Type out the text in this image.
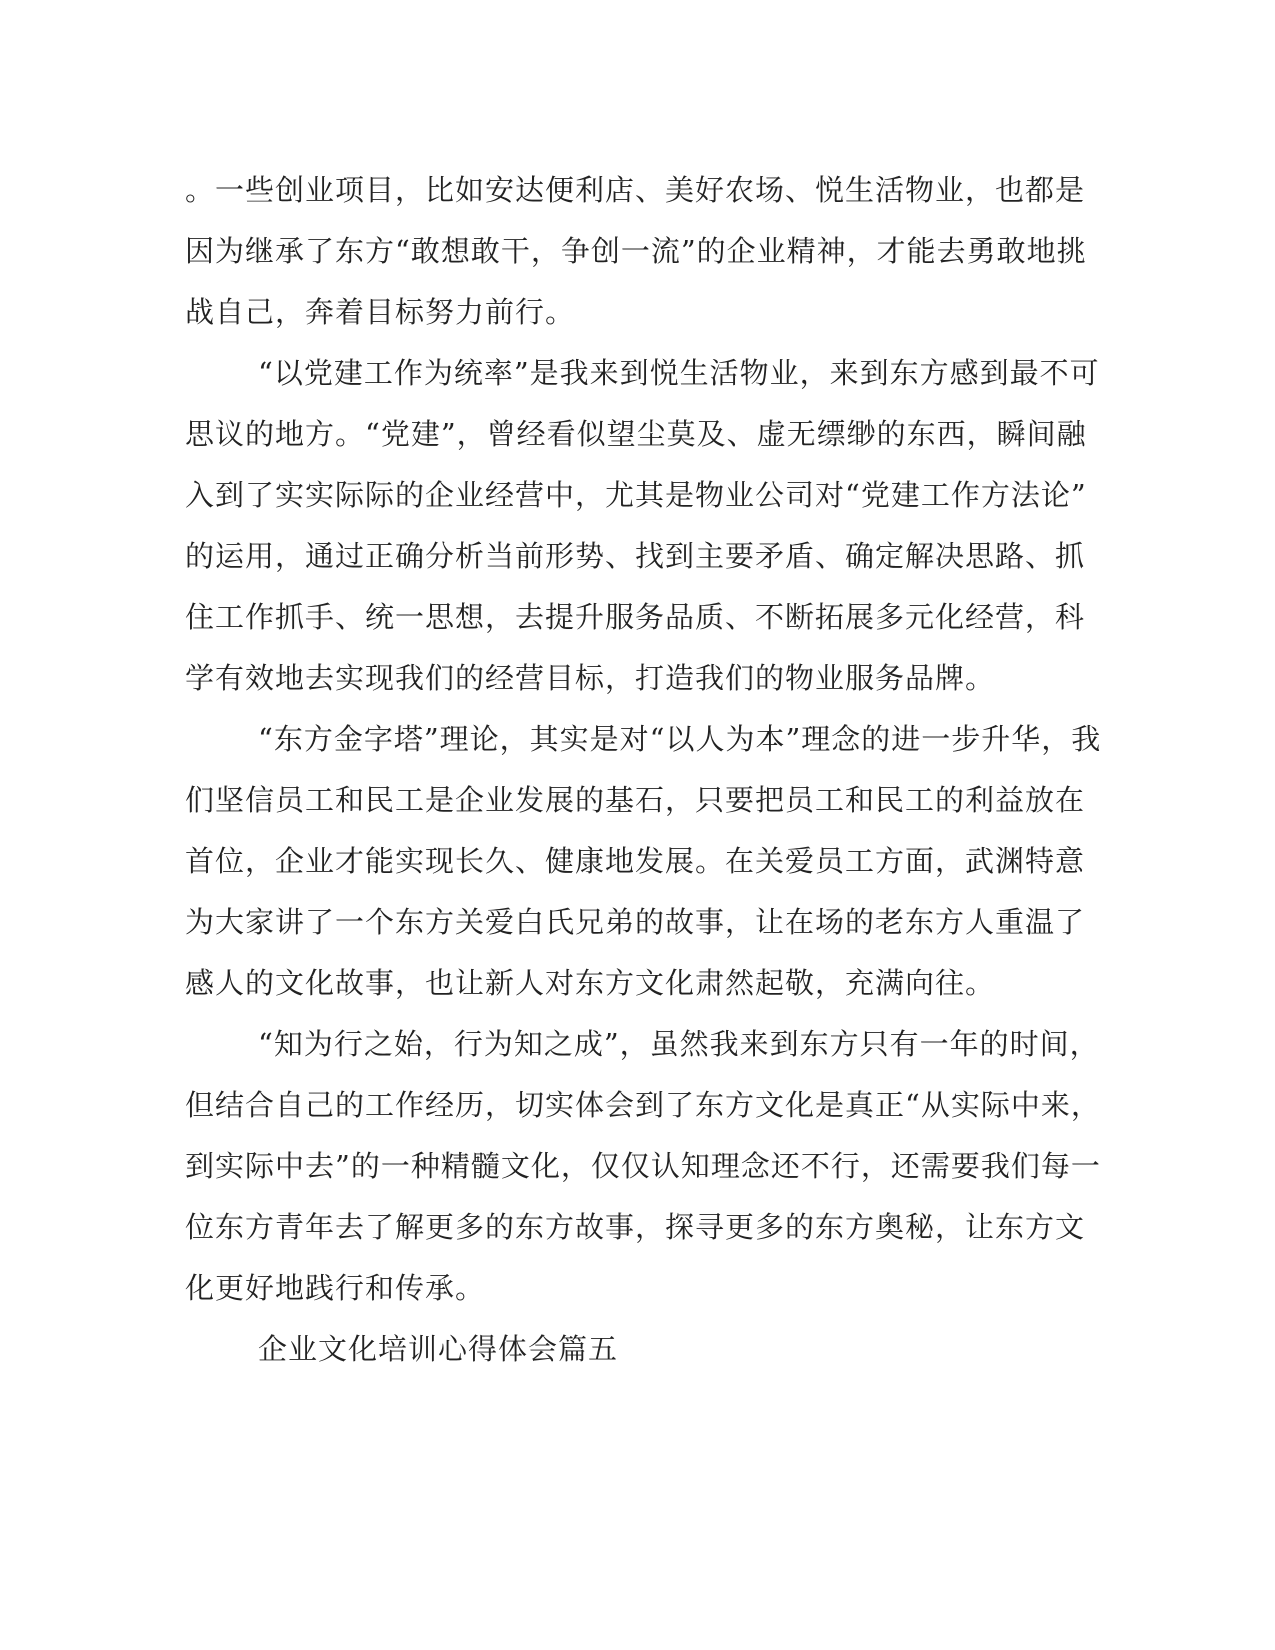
。一些创业项目，比如安达便利店、美好农场、悦生活物业，也都是
因为继承了东方“敢想敢干，争创一流”的企业精神，才能去勇敢地挑
战自己，奔着目标努力前行。
“以党建工作为统率”是我来到悦生活物业，来到东方感到最不可
思议的地方。“党建”，曾经看似望尘莫及、虚无缥缈的东西，瞬间融
入到了实实际际的企业经营中，尤其是物业公司对“党建工作方法论”
的运用，通过正确分析当前形势、找到主要矛盾、确定解决思路、抓
住工作抓手、统一思想，去提升服务品质、不断拓展多元化经营，科
学有效地去实现我们的经营目标，打造我们的物业服务品牌。
“东方金字塔”理论，其实是对“以人为本”理念的进一步升华，我
们坚信员工和民工是企业发展的基石，只要把员工和民工的利益放在
首位，企业才能实现长久、健康地发展。在关爱员工方面，武渊特意
为大家讲了一个东方关爱白氏兄弟的故事，让在场的老东方人重温了
感人的文化故事，也让新人对东方文化肃然起敬，充满向往。
“知为行之始，行为知之成”，虽然我来到东方只有一年的时间，
但结合自己的工作经历，切实体会到了东方文化是真正“从实际中来，
到实际中去”的一种精髓文化，仅仅认知理念还不行，还需要我们每一
位东方青年去了解更多的东方故事，探寻更多的东方奥秘，让东方文
化更好地践行和传承。
企业文化培训心得体会篇五
